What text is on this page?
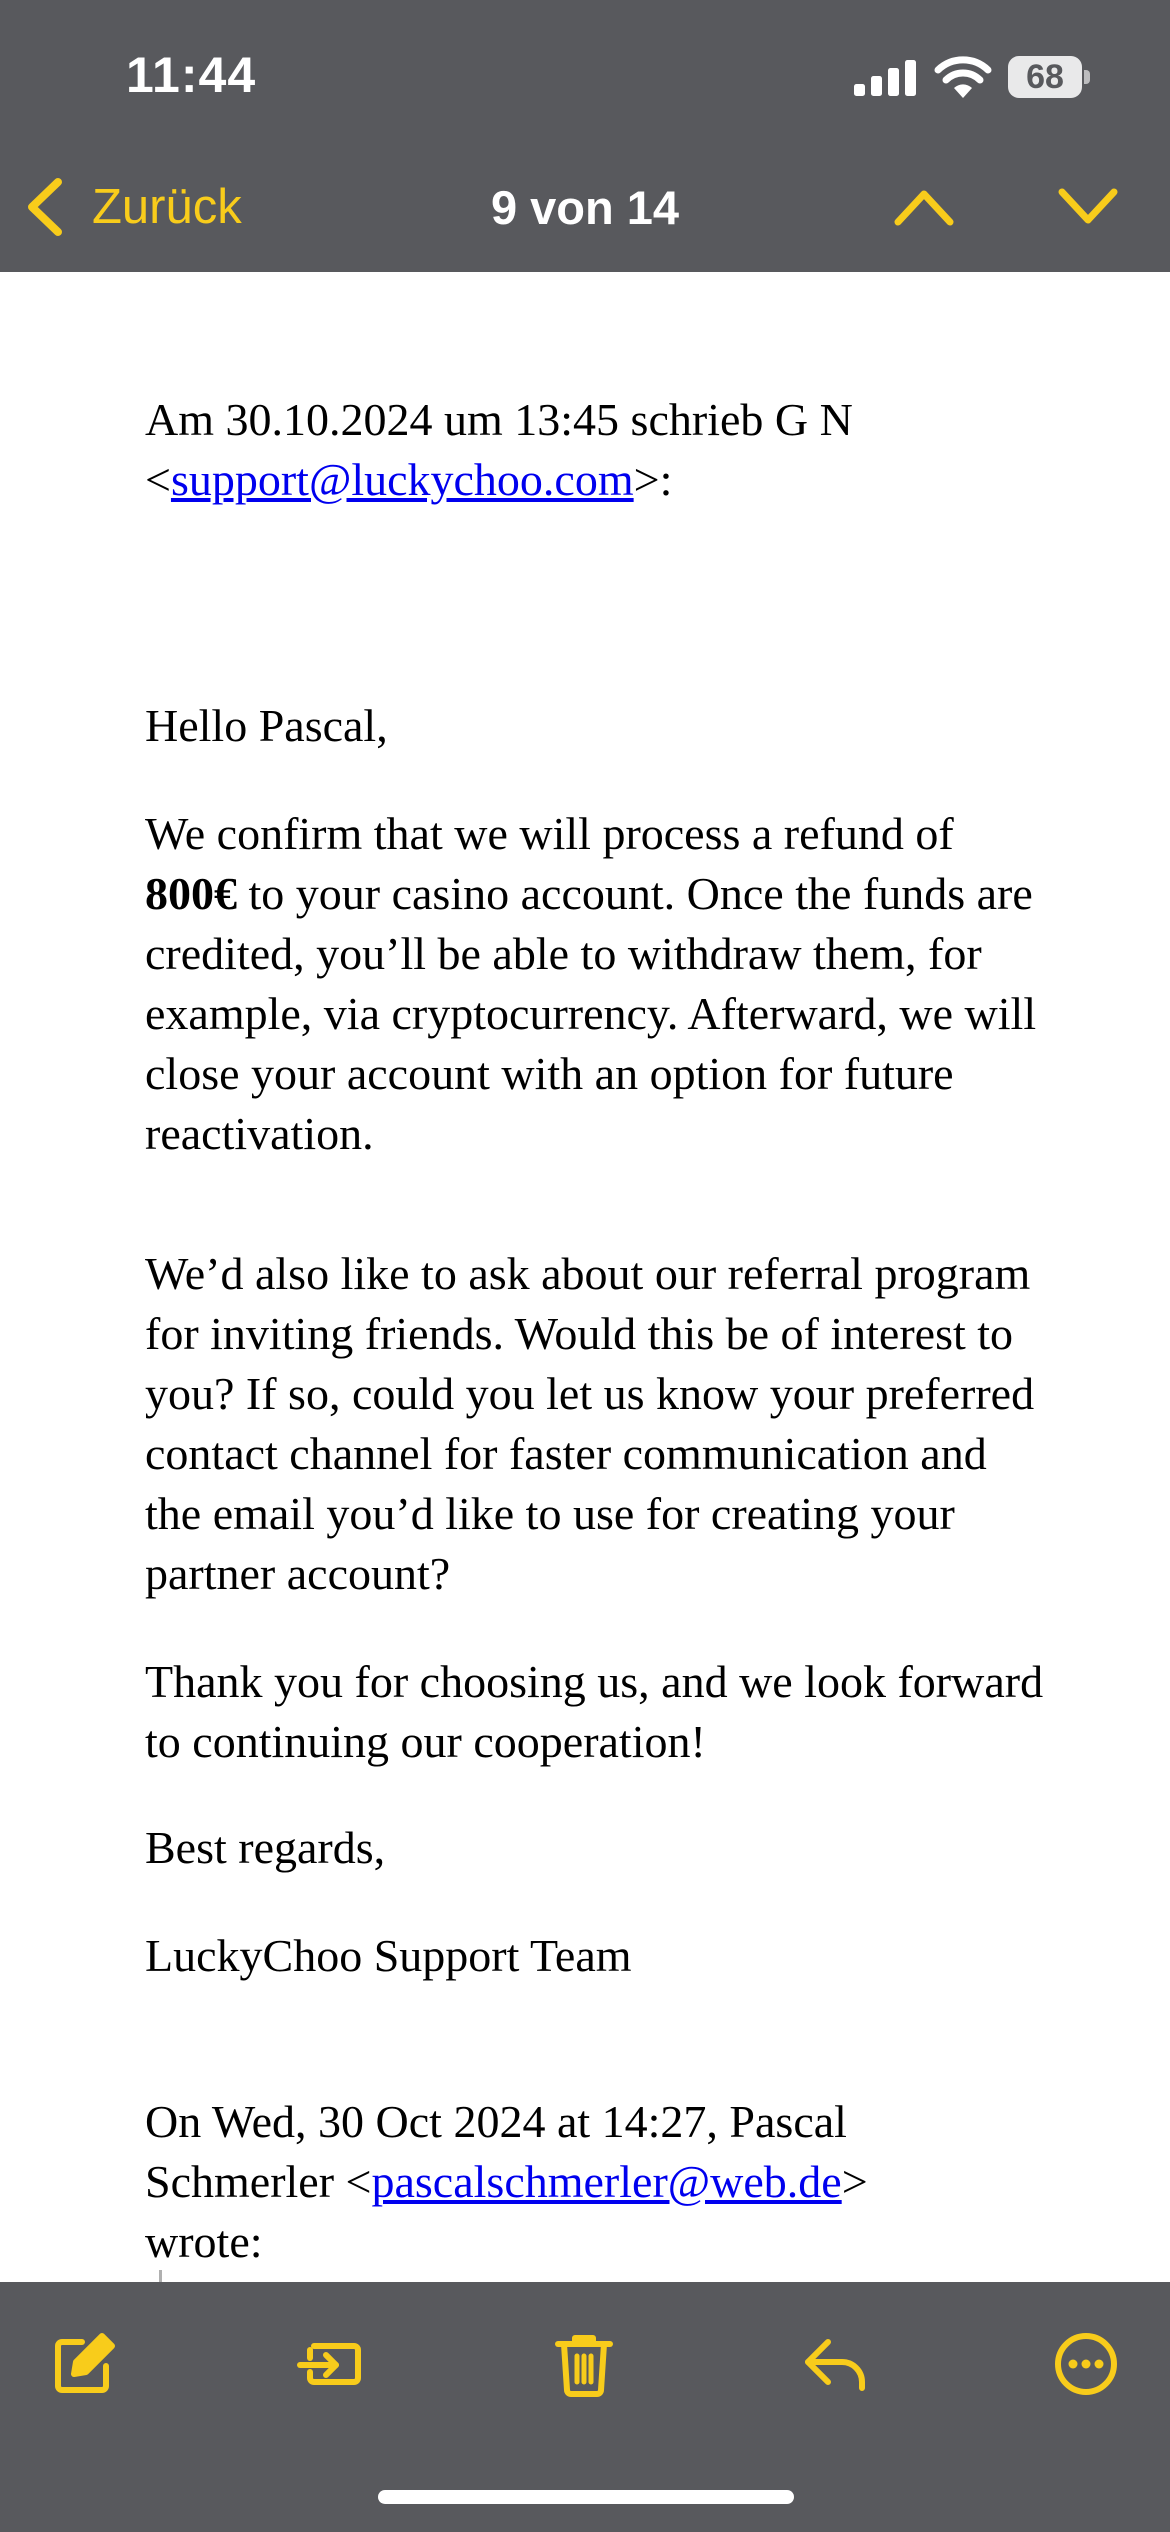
11:44	68
Zurück	9 von 14

Am 30.10.2024 um 13:45 schrieb G N
<support@luckychoo.com>:

Hello Pascal,

We confirm that we will process a refund of 800€ to your casino account. Once the funds are credited, you’ll be able to withdraw them, for example, via cryptocurrency. Afterward, we will close your account with an option for future reactivation.

We’d also like to ask about our referral program for inviting friends. Would this be of interest to you? If so, could you let us know your preferred contact channel for faster communication and the email you’d like to use for creating your partner account?

Thank you for choosing us, and we look forward to continuing our cooperation!

Best regards,

LuckyChoo Support Team

On Wed, 30 Oct 2024 at 14:27, Pascal Schmerler <pascalschmerler@web.de>
wrote:
